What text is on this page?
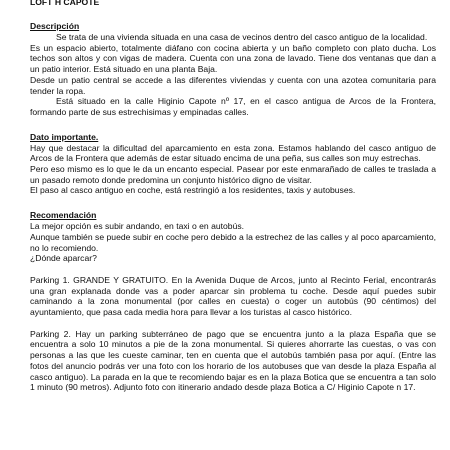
LOFT H CAPOTE
Descripción

Se trata de una vivienda situada en una casa de vecinos dentro del casco antiguo de la localidad.

Es un espacio abierto, totalmente diáfano con cocina abierta y un baño completo con plato ducha. Los techos son altos y con vigas de madera. Cuenta con una zona de lavado. Tiene dos ventanas que dan a un patio interior. Está situado en una planta Baja.

Desde un patio central se accede a las diferentes viviendas y cuenta con una azotea comunitaria para tender la ropa.

Está situado en la calle Higinio Capote nº 17, en el casco antigua de Arcos de la Frontera, formando parte de sus estrechisimas y empinadas calles.

Dato importante.

Hay que destacar la dificultad del aparcamiento en esta zona. Estamos hablando del casco antiguo de Arcos de la Frontera que además de estar situado encima de una peña, sus calles son muy estrechas.

Pero eso mismo es lo que le da un encanto especial. Pasear por este enmarañado de calles te traslada a un pasado remoto donde predomina un conjunto histórico digno de visitar.

El paso al casco antiguo en coche, está restringió a los residentes, taxis y autobuses.

Recomendación

La mejor opción es subir andando, en taxi o en autobús.

Aunque también se puede subir en coche pero debido a la estrechez de las calles y al poco aparcamiento, no lo recomiendo.

¿Dónde aparcar?

Parking 1. GRANDE Y GRATUITO. En la Avenida Duque de Arcos, junto al Recinto Ferial, encontrarás una gran explanada donde vas a poder aparcar sin problema tu coche. Desde aquí puedes subir caminando a la zona monumental (por calles en cuesta) o coger un autobús (90 céntimos) del ayuntamiento, que pasa cada media hora para llevar a los turistas al casco histórico.

Parking 2. Hay un parking subterráneo de pago que se encuentra junto a la plaza España que se encuentra a solo 10 minutos a pie de la zona monumental. Si quieres ahorrarte las cuestas, o vas con personas a las que les cueste caminar, ten en cuenta que el autobús también pasa por aquí. (Entre las fotos del anuncio podrás ver una foto con los horario de los autobuses que van desde la plaza España al casco antiguo). La parada en la que te recomiendo bajar es en la plaza Botica que se encuentra a tan solo 1 minuto (90 metros). Adjunto foto con itinerario andado desde plaza Botica a C/ Higinio Capote n 17.
